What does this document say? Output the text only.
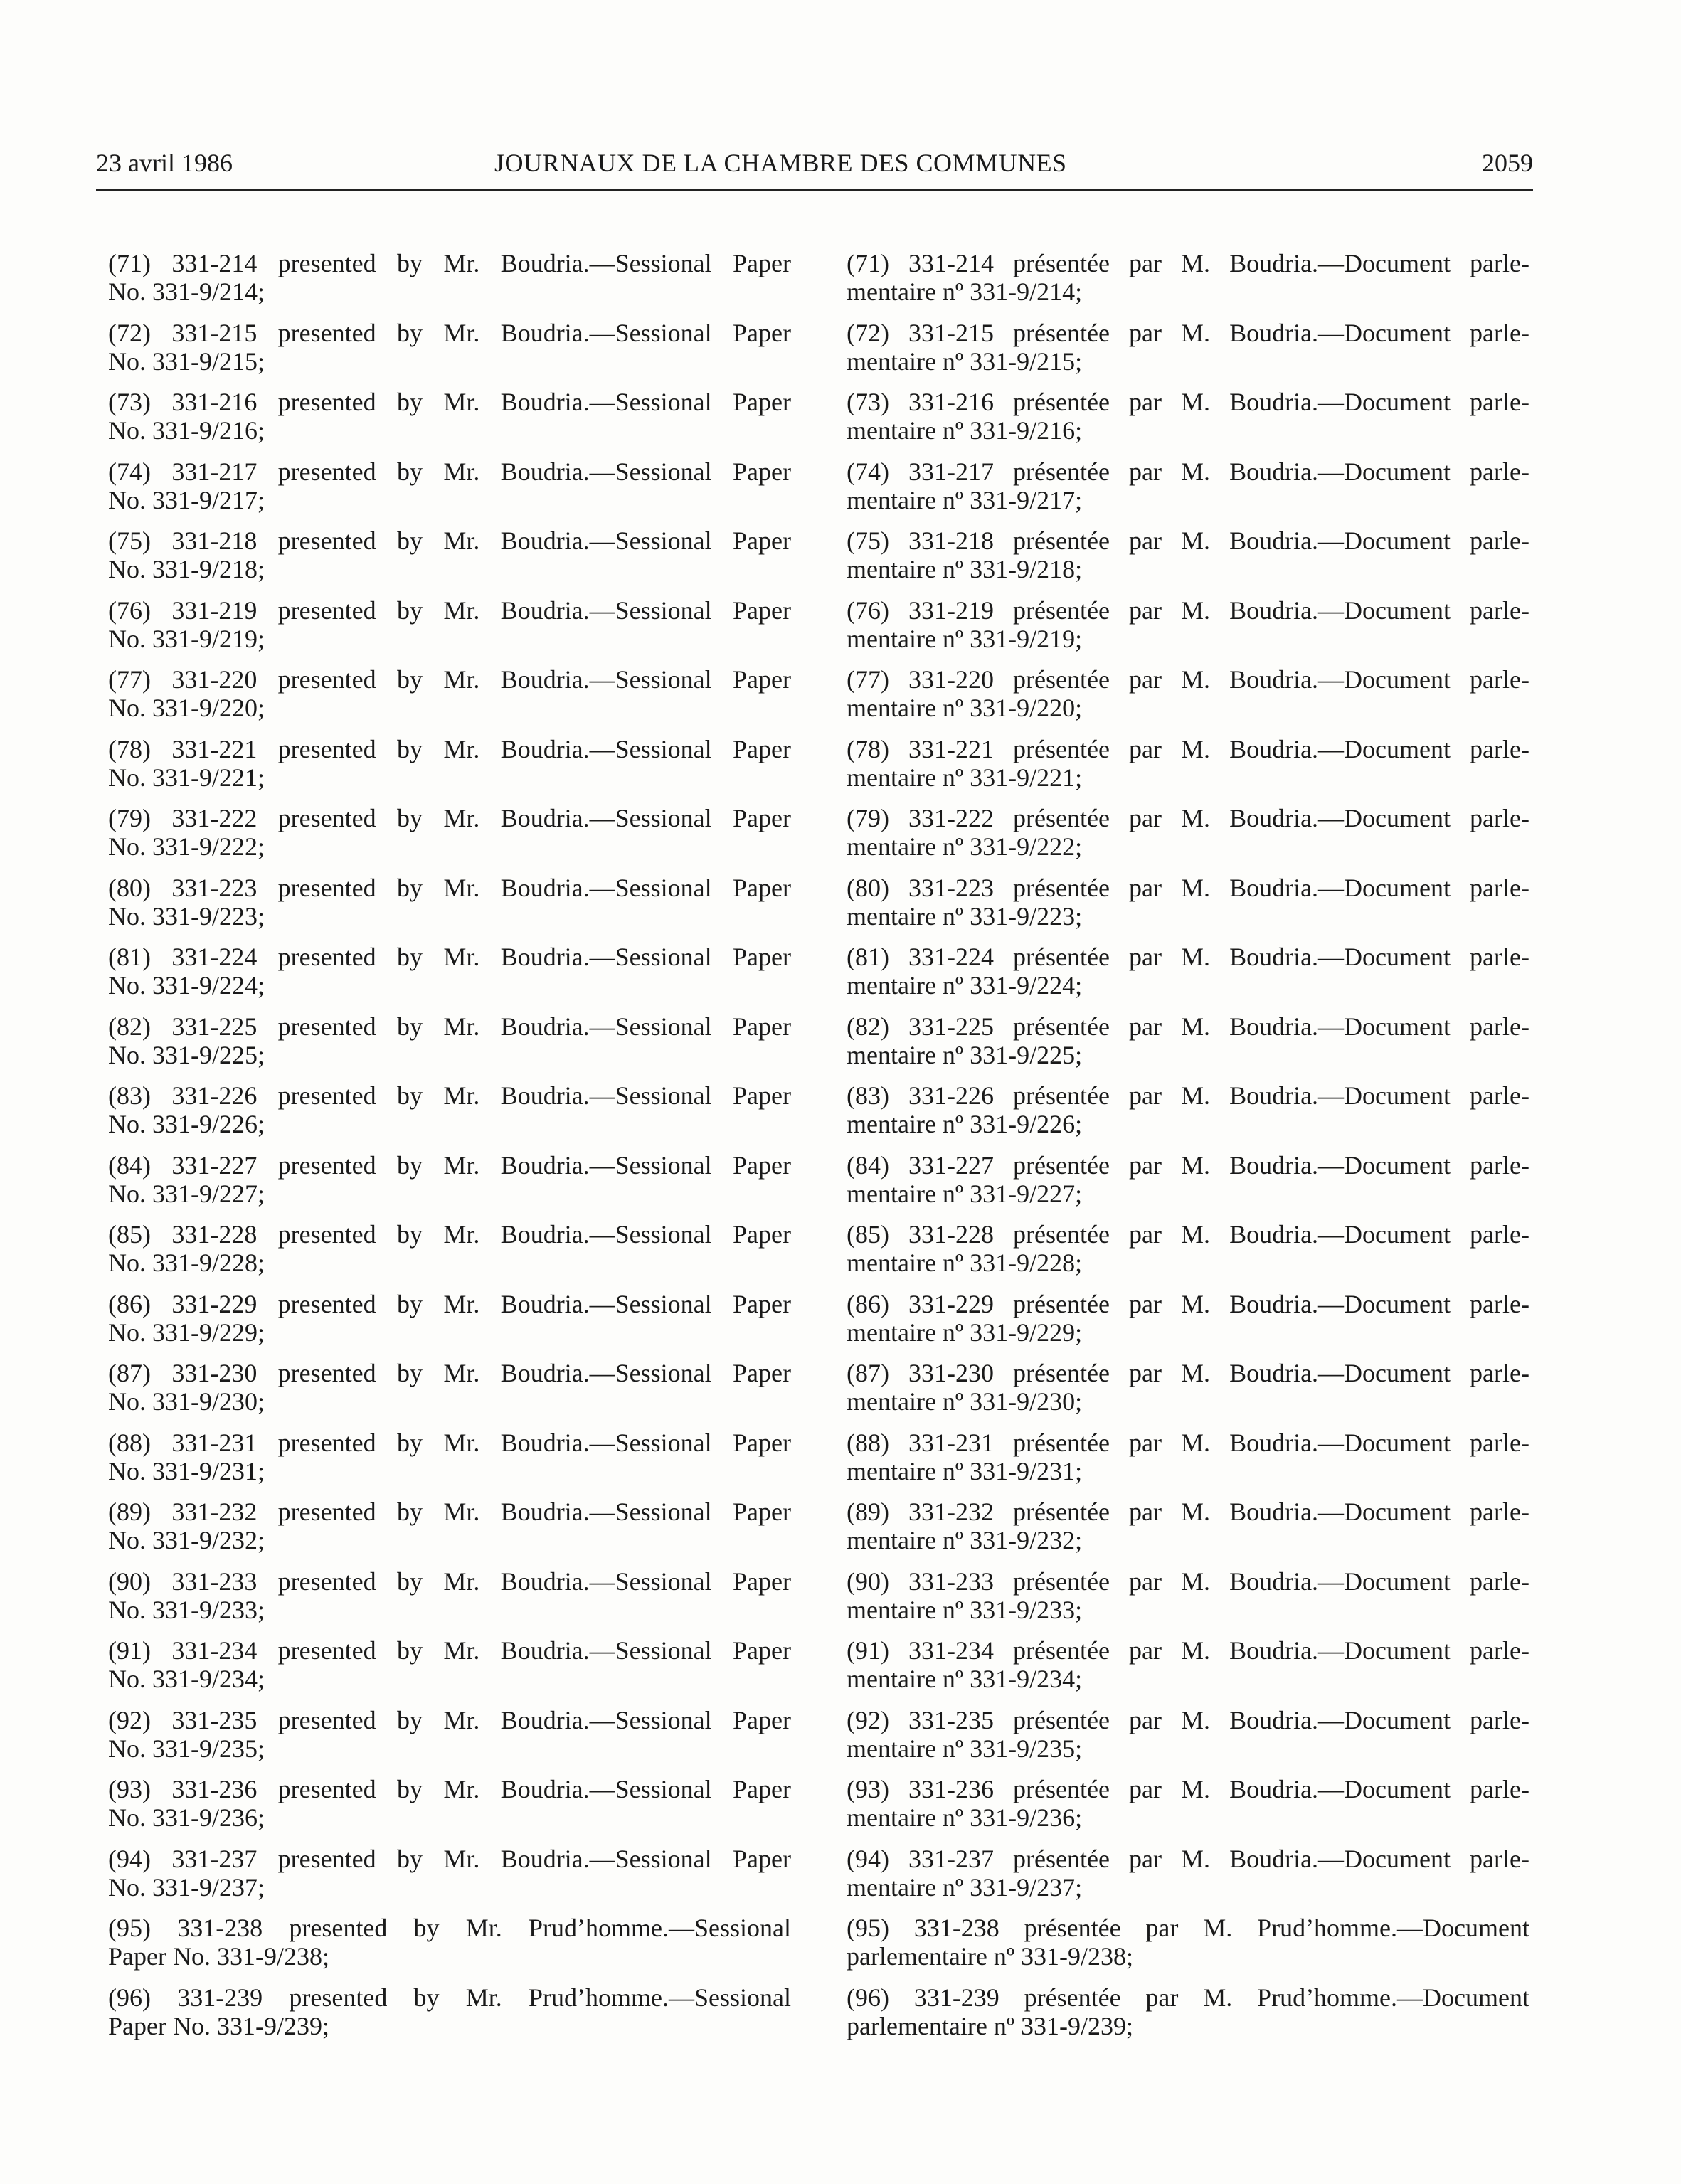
23 avril 1986	JOURNAUX DE LA CHAMBRE DES COMMUNES	2059
(71) 331-214 presented by Mr. Boudria.—Sessional Paper
No. 331-9/214;
(72) 331-215 presented by Mr. Boudria.—Sessional Paper
No. 331-9/215;
(73) 331-216 presented by Mr. Boudria.—Sessional Paper
No. 331-9/216;
(74) 331-217 presented by Mr. Boudria.—Sessional Paper
No. 331-9/217;
(75) 331-218 presented by Mr. Boudria.—Sessional Paper
No. 331-9/218;
(76) 331-219 presented by Mr. Boudria.—Sessional Paper
No. 331-9/219;
(77) 331-220 presented by Mr. Boudria.—Sessional Paper
No. 331-9/220;
(78) 331-221 presented by Mr. Boudria.—Sessional Paper
No. 331-9/221;
(79) 331-222 presented by Mr. Boudria.—Sessional Paper
No. 331-9/222;
(80) 331-223 presented by Mr. Boudria.—Sessional Paper
No. 331-9/223;
(81) 331-224 presented by Mr. Boudria.—Sessional Paper
No. 331-9/224;
(82) 331-225 presented by Mr. Boudria.—Sessional Paper
No. 331-9/225;
(83) 331-226 presented by Mr. Boudria.—Sessional Paper
No. 331-9/226;
(84) 331-227 presented by Mr. Boudria.—Sessional Paper
No. 331-9/227;
(85) 331-228 presented by Mr. Boudria.—Sessional Paper
No. 331-9/228;
(86) 331-229 presented by Mr. Boudria.—Sessional Paper
No. 331-9/229;
(87) 331-230 presented by Mr. Boudria.—Sessional Paper
No. 331-9/230;
(88) 331-231 presented by Mr. Boudria.—Sessional Paper
No. 331-9/231;
(89) 331-232 presented by Mr. Boudria.—Sessional Paper
No. 331-9/232;
(90) 331-233 presented by Mr. Boudria.—Sessional Paper
No. 331-9/233;
(91) 331-234 presented by Mr. Boudria.—Sessional Paper
No. 331-9/234;
(92) 331-235 presented by Mr. Boudria.—Sessional Paper
No. 331-9/235;
(93) 331-236 presented by Mr. Boudria.—Sessional Paper
No. 331-9/236;
(94) 331-237 presented by Mr. Boudria.—Sessional Paper
No. 331-9/237;
(95) 331-238 presented by Mr. Prud’homme.—Sessional
Paper No. 331-9/238;
(96) 331-239 presented by Mr. Prud’homme.—Sessional
Paper No. 331-9/239;
(71) 331-214 présentée par M. Boudria.—Document parle-
mentaire nº 331-9/214;
(72) 331-215 présentée par M. Boudria.—Document parle-
mentaire nº 331-9/215;
(73) 331-216 présentée par M. Boudria.—Document parle-
mentaire nº 331-9/216;
(74) 331-217 présentée par M. Boudria.—Document parle-
mentaire nº 331-9/217;
(75) 331-218 présentée par M. Boudria.—Document parle-
mentaire nº 331-9/218;
(76) 331-219 présentée par M. Boudria.—Document parle-
mentaire nº 331-9/219;
(77) 331-220 présentée par M. Boudria.—Document parle-
mentaire nº 331-9/220;
(78) 331-221 présentée par M. Boudria.—Document parle-
mentaire nº 331-9/221;
(79) 331-222 présentée par M. Boudria.—Document parle-
mentaire nº 331-9/222;
(80) 331-223 présentée par M. Boudria.—Document parle-
mentaire nº 331-9/223;
(81) 331-224 présentée par M. Boudria.—Document parle-
mentaire nº 331-9/224;
(82) 331-225 présentée par M. Boudria.—Document parle-
mentaire nº 331-9/225;
(83) 331-226 présentée par M. Boudria.—Document parle-
mentaire nº 331-9/226;
(84) 331-227 présentée par M. Boudria.—Document parle-
mentaire nº 331-9/227;
(85) 331-228 présentée par M. Boudria.—Document parle-
mentaire nº 331-9/228;
(86) 331-229 présentée par M. Boudria.—Document parle-
mentaire nº 331-9/229;
(87) 331-230 présentée par M. Boudria.—Document parle-
mentaire nº 331-9/230;
(88) 331-231 présentée par M. Boudria.—Document parle-
mentaire nº 331-9/231;
(89) 331-232 présentée par M. Boudria.—Document parle-
mentaire nº 331-9/232;
(90) 331-233 présentée par M. Boudria.—Document parle-
mentaire nº 331-9/233;
(91) 331-234 présentée par M. Boudria.—Document parle-
mentaire nº 331-9/234;
(92) 331-235 présentée par M. Boudria.—Document parle-
mentaire nº 331-9/235;
(93) 331-236 présentée par M. Boudria.—Document parle-
mentaire nº 331-9/236;
(94) 331-237 présentée par M. Boudria.—Document parle-
mentaire nº 331-9/237;
(95) 331-238 présentée par M. Prud’homme.—Document
parlementaire nº 331-9/238;
(96) 331-239 présentée par M. Prud’homme.—Document
parlementaire nº 331-9/239;
